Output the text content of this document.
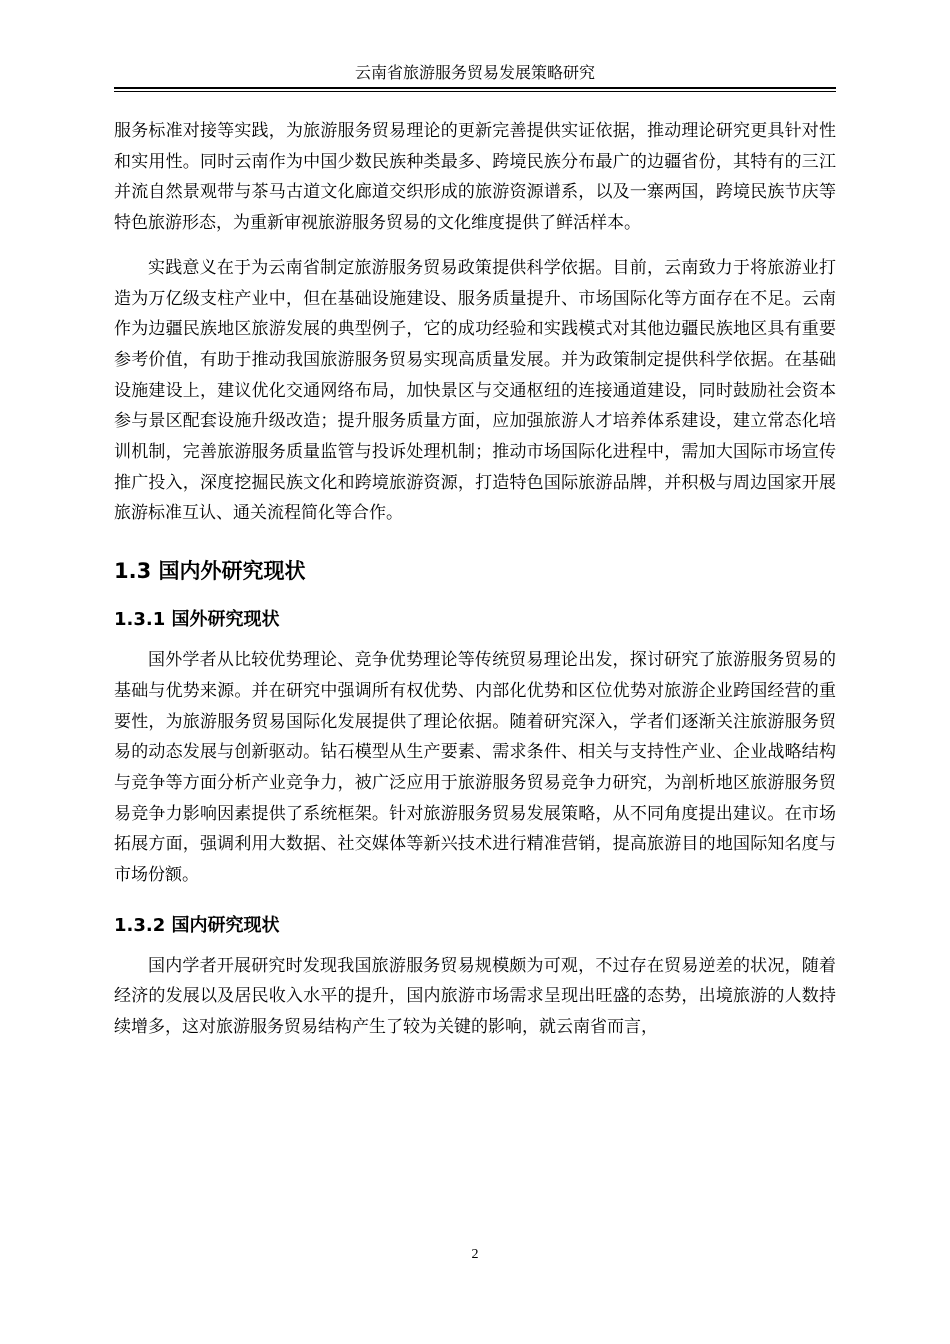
云南省旅游服务贸易发展策略研究

服务标准对接等实践，为旅游服务贸易理论的更新完善提供实证依据，推动理论研究更具针对性和实用性。同时云南作为中国少数民族种类最多、跨境民族分布最广的边疆省份，其特有的三江并流自然景观带与茶马古道文化廊道交织形成的旅游资源谱系，以及一寨两国，跨境民族节庆等特色旅游形态，为重新审视旅游服务贸易的文化维度提供了鲜活样本。

实践意义在于为云南省制定旅游服务贸易政策提供科学依据。目前，云南致力于将旅游业打造为万亿级支柱产业中，但在基础设施建设、服务质量提升、市场国际化等方面存在不足。云南作为边疆民族地区旅游发展的典型例子，它的成功经验和实践模式对其他边疆民族地区具有重要参考价值，有助于推动我国旅游服务贸易实现高质量发展。并为政策制定提供科学依据。在基础设施建设上，建议优化交通网络布局，加快景区与交通枢纽的连接通道建设，同时鼓励社会资本参与景区配套设施升级改造；提升服务质量方面，应加强旅游人才培养体系建设，建立常态化培训机制，完善旅游服务质量监管与投诉处理机制；推动市场国际化进程中，需加大国际市场宣传推广投入，深度挖掘民族文化和跨境旅游资源，打造特色国际旅游品牌，并积极与周边国家开展旅游标准互认、通关流程简化等合作。

1.3 国内外研究现状
1.3.1 国外研究现状

国外学者从比较优势理论、竞争优势理论等传统贸易理论出发，探讨研究了旅游服务贸易的基础与优势来源。并在研究中强调所有权优势、内部化优势和区位优势对旅游企业跨国经营的重要性，为旅游服务贸易国际化发展提供了理论依据。随着研究深入，学者们逐渐关注旅游服务贸易的动态发展与创新驱动。钻石模型从生产要素、需求条件、相关与支持性产业、企业战略结构与竞争等方面分析产业竞争力，被广泛应用于旅游服务贸易竞争力研究，为剖析地区旅游服务贸易竞争力影响因素提供了系统框架。针对旅游服务贸易发展策略，从不同角度提出建议。在市场拓展方面，强调利用大数据、社交媒体等新兴技术进行精准营销，提高旅游目的地国际知名度与市场份额。

1.3.2 国内研究现状

国内学者开展研究时发现我国旅游服务贸易规模颇为可观，不过存在贸易逆差的状况，随着经济的发展以及居民收入水平的提升，国内旅游市场需求呈现出旺盛的态势，出境旅游的人数持续增多，这对旅游服务贸易结构产生了较为关键的影响，就云南省而言，

2
